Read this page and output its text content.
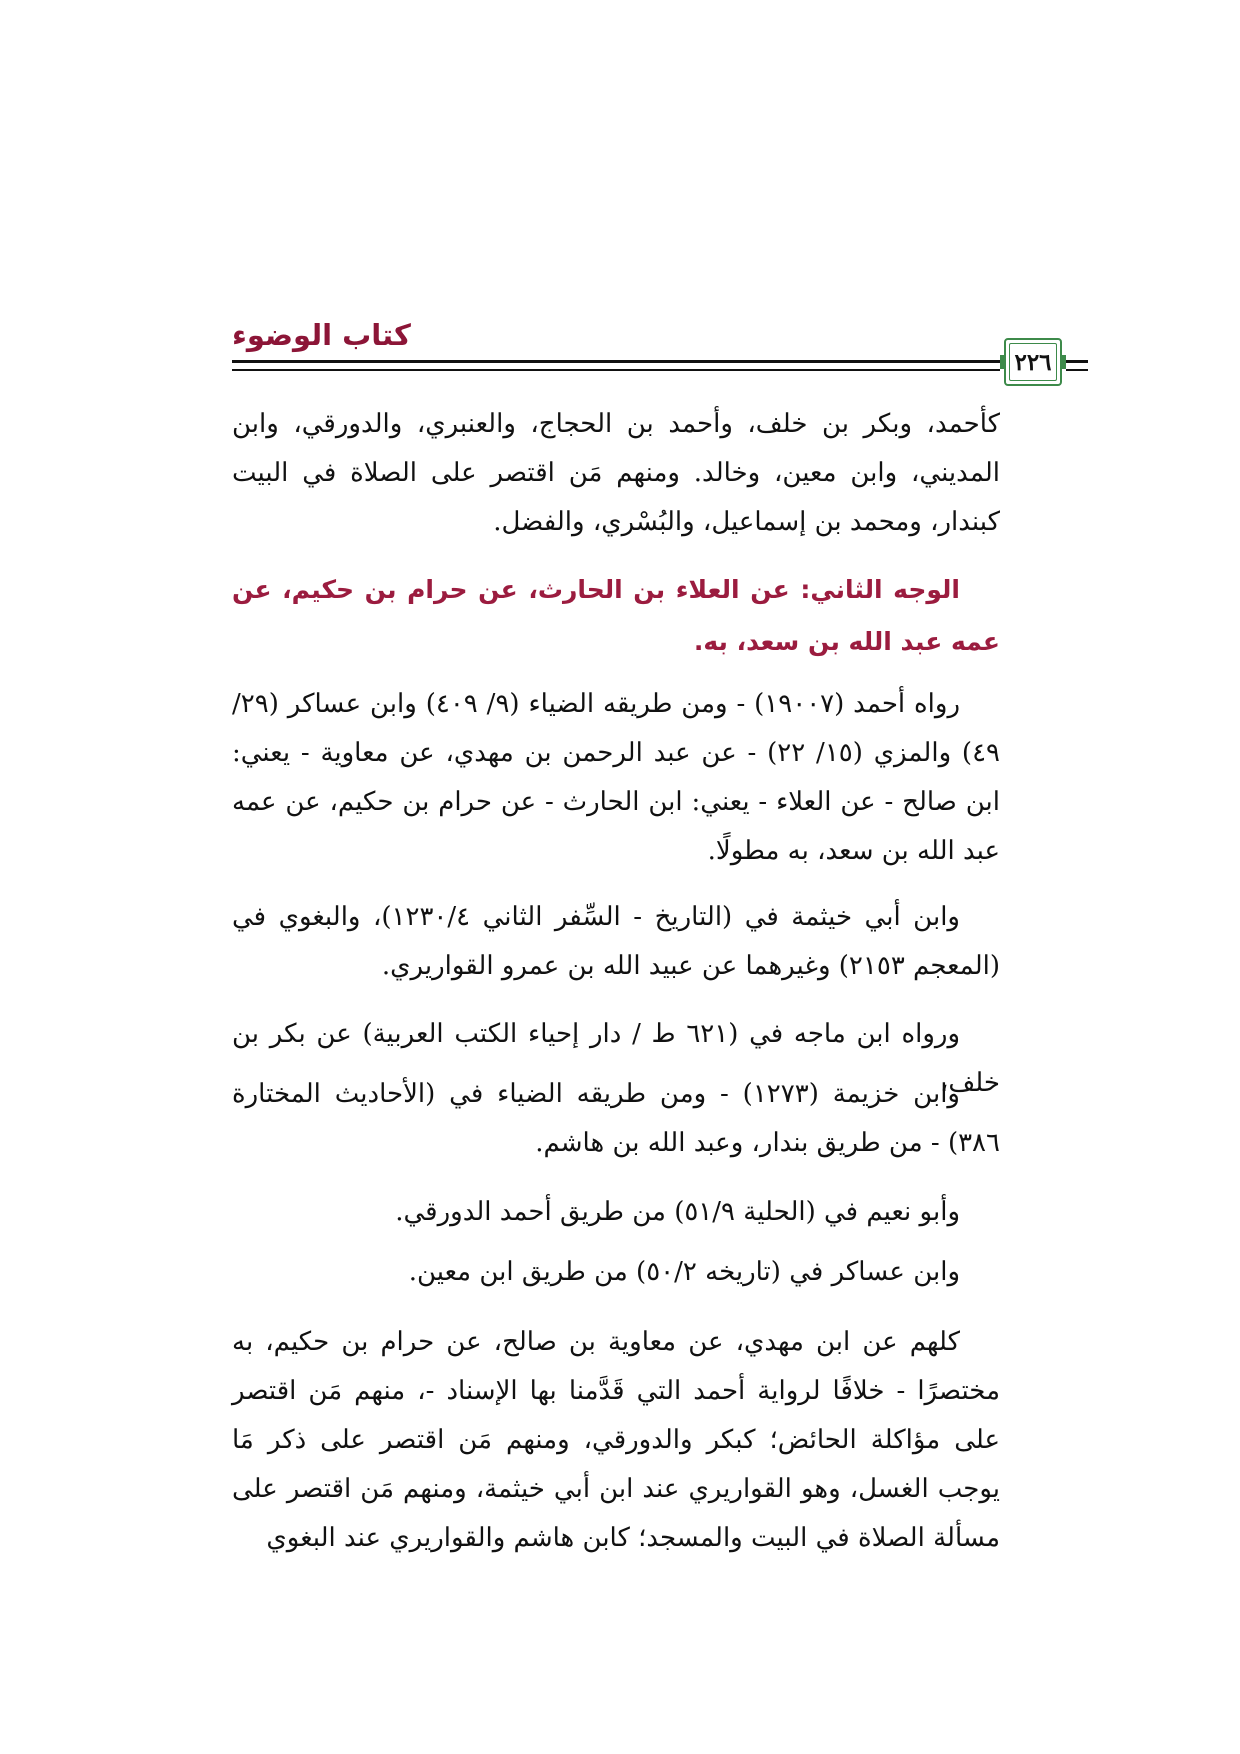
كتاب الوضوء
٢٢٦

كأحمد، وبكر بن خلف، وأحمد بن الحجاج، والعنبري، والدورقي، وابن المديني، وابن معين، وخالد. ومنهم مَن اقتصر على الصلاة في البيت كبندار، ومحمد بن إسماعيل، والبُسْري، والفضل.

الوجه الثاني: عن العلاء بن الحارث، عن حرام بن حكيم، عن عمه عبد الله بن سعد، به.

رواه أحمد (١٩٠٠٧) - ومن طريقه الضياء (٩/ ٤٠٩) وابن عساكر (٢٩/ ٤٩) والمزي (١٥/ ٢٢) - عن عبد الرحمن بن مهدي، عن معاوية - يعني: ابن صالح - عن العلاء - يعني: ابن الحارث - عن حرام بن حكيم، عن عمه عبد الله بن سعد، به مطولًا.

وابن أبي خيثمة في (التاريخ - السِّفر الثاني ١٢٣٠/٤)، والبغوي في (المعجم ٢١٥٣) وغيرهما عن عبيد الله بن عمرو القواريري.

ورواه ابن ماجه في (٦٢١ ط / دار إحياء الكتب العربية) عن بكر بن خلف،

وابن خزيمة (١٢٧٣) - ومن طريقه الضياء في (الأحاديث المختارة ٣٨٦) - من طريق بندار، وعبد الله بن هاشم.

وأبو نعيم في (الحلية ٥١/٩) من طريق أحمد الدورقي.

وابن عساكر في (تاريخه ٥٠/٢) من طريق ابن معين.

كلهم عن ابن مهدي، عن معاوية بن صالح، عن حرام بن حكيم، به مختصرًا - خلافًا لرواية أحمد التي قَدَّمنا بها الإسناد -، منهم مَن اقتصر على مؤاكلة الحائض؛ كبكر والدورقي، ومنهم مَن اقتصر على ذكر مَا يوجب الغسل، وهو القواريري عند ابن أبي خيثمة، ومنهم مَن اقتصر على مسألة الصلاة في البيت والمسجد؛ كابن هاشم والقواريري عند البغوي
